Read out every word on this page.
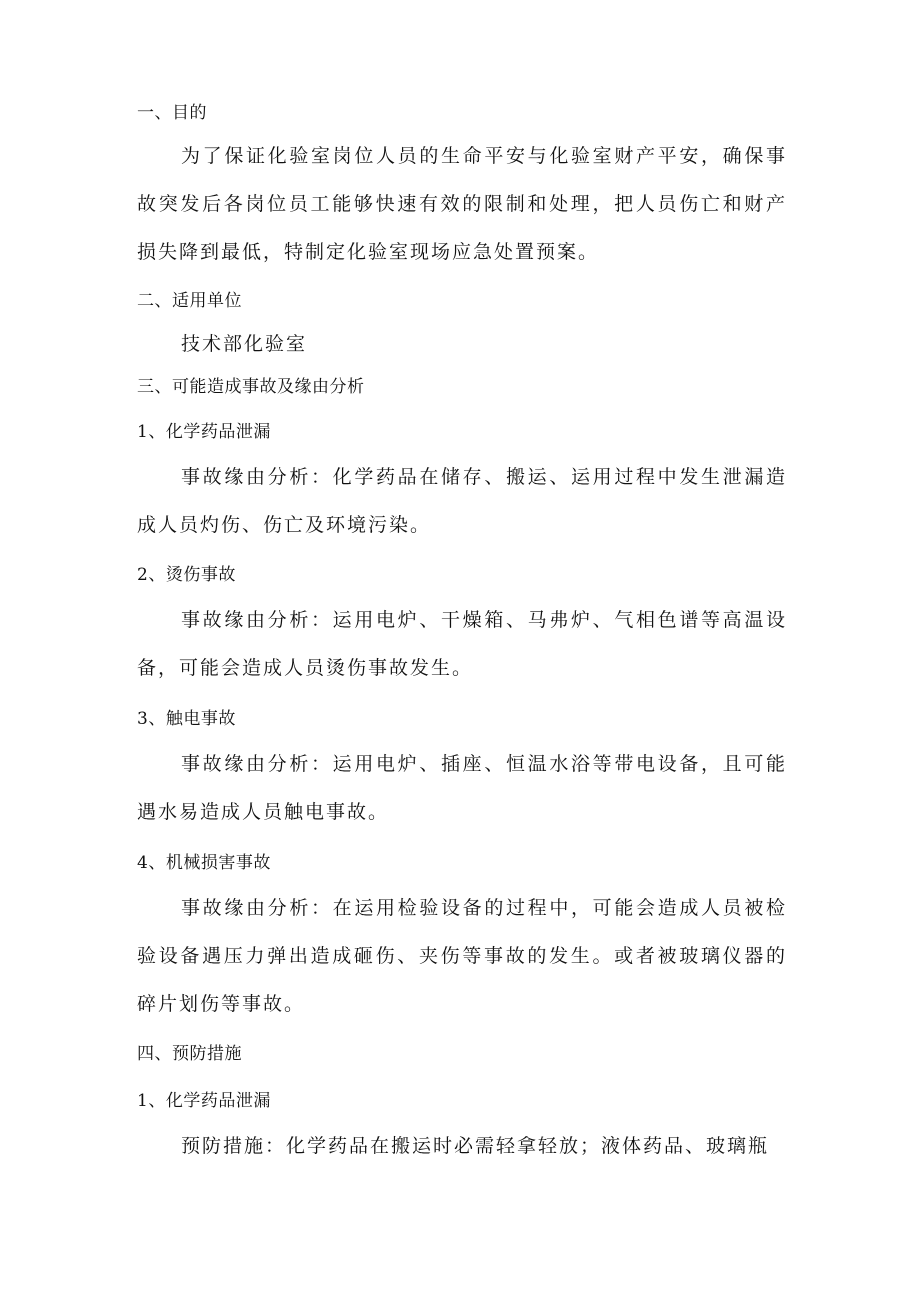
一、目的
为了保证化验室岗位人员的生命平安与化验室财产平安，确保事故突发后各岗位员工能够快速有效的限制和处理，把人员伤亡和财产损失降到最低，特制定化验室现场应急处置预案。
二、适用单位
技术部化验室
三、可能造成事故及缘由分析
1、化学药品泄漏
事故缘由分析：化学药品在储存、搬运、运用过程中发生泄漏造成人员灼伤、伤亡及环境污染。
2、烫伤事故
事故缘由分析：运用电炉、干燥箱、马弗炉、气相色谱等高温设备，可能会造成人员烫伤事故发生。
3、触电事故
事故缘由分析：运用电炉、插座、恒温水浴等带电设备，且可能遇水易造成人员触电事故。
4、机械损害事故
事故缘由分析：在运用检验设备的过程中，可能会造成人员被检验设备遇压力弹出造成砸伤、夹伤等事故的发生。或者被玻璃仪器的碎片划伤等事故。
四、预防措施
1、化学药品泄漏
预防措施：化学药品在搬运时必需轻拿轻放；液体药品、玻璃瓶
